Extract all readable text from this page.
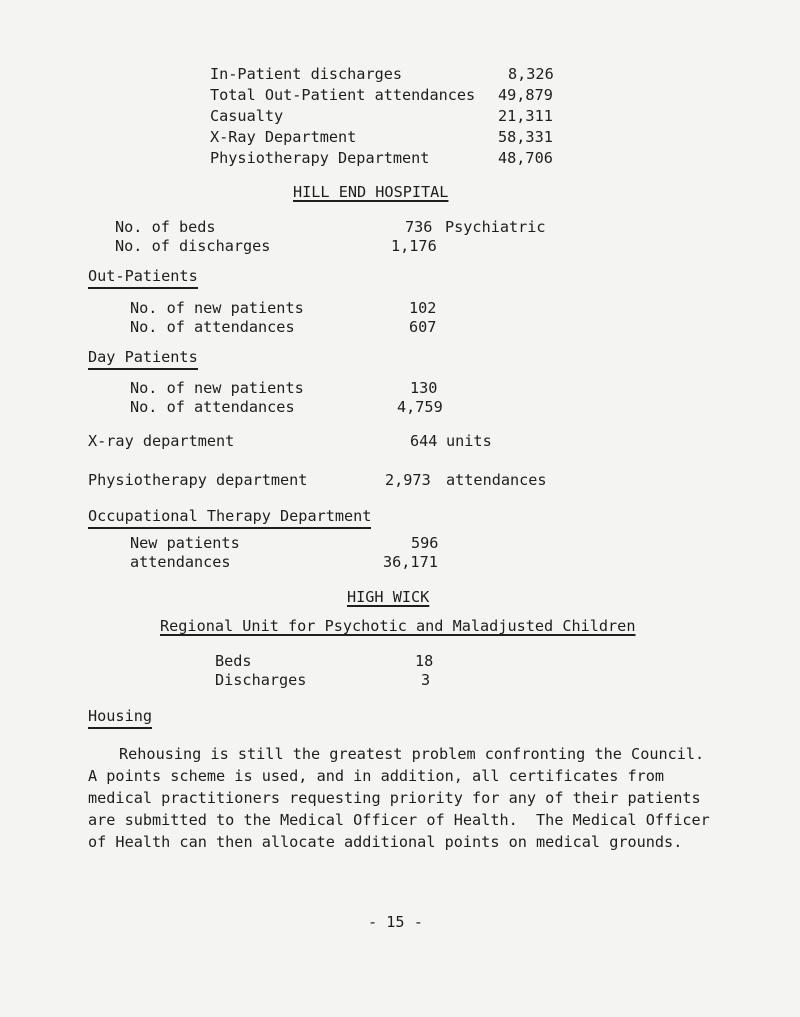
In-Patient discharges	8,326
Total Out-Patient attendances 49,879
Casualty	21,311
X-Ray Department	58,331
Physiotherapy Department	48,706
HILL END HOSPITAL
No. of beds	736 Psychiatric
No. of discharges	1,176
Out-Patients
No. of new patients	102
No. of attendances	607
Day Patients
No. of new patients	130
No. of attendances	4,759
X-ray department	644 units
Physiotherapy department	2,973 attendances
Occupational Therapy Department
New patients	596
attendances	36,171
HIGH WICK
Regional Unit for Psychotic and Maladjusted Children
Beds	18
Discharges	3
Housing
Rehousing is still the greatest problem confronting the Council.
A points scheme is used, and in addition, all certificates from
medical practitioners requesting priority for any of their patients
are submitted to the Medical Officer of Health.  The Medical Officer
of Health can then allocate additional points on medical grounds.
- 15 -
